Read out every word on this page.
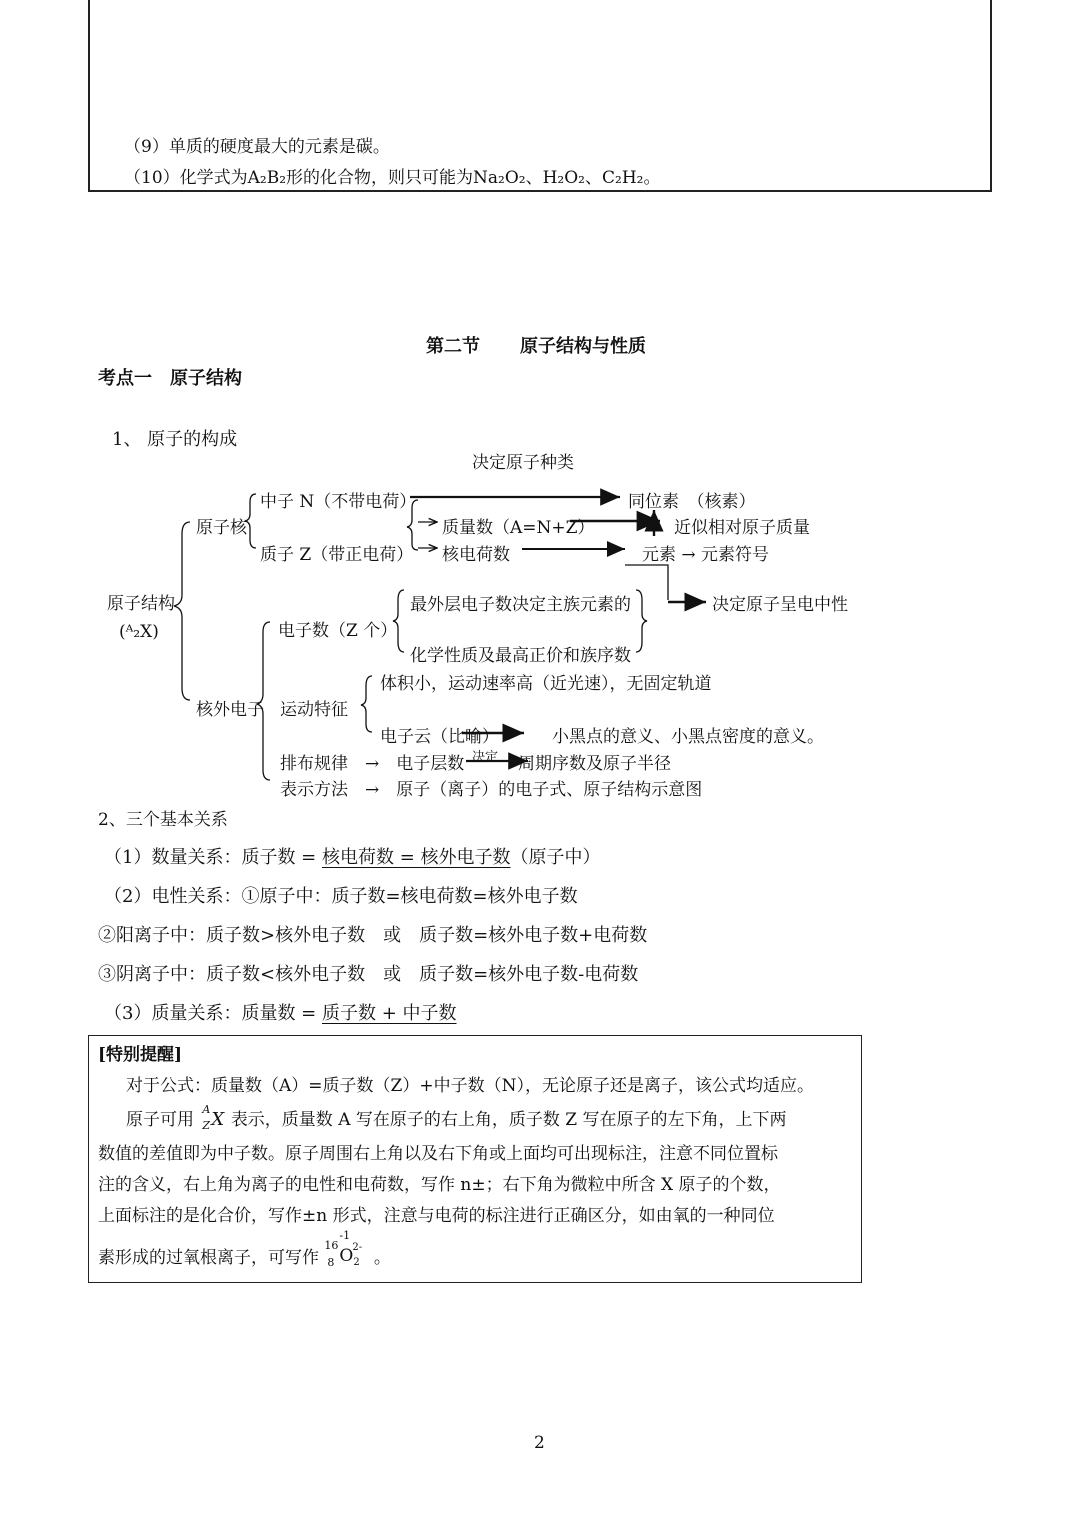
（9）单质的硬度最大的元素是碳。
（10）化学式为A₂B₂形的化合物，则只可能为Na₂O₂、H₂O₂、C₂H₂。
第二节 原子结构与性质
考点一　原子结构
1、 原子的构成
决定原子种类
原子结构
(ᴬ₂X)
原子核
中子 N（不带电荷）
质子 Z（带正电荷）
同位素　（核素）
质量数（A=N+Z）	近似相对原子质量
核电荷数	元素 → 元素符号
电子数（Z 个）
最外层电子数决定主族元素的
化学性质及最高正价和族序数
决定原子呈电中性
核外电子 运动特征
体积小，运动速率高（近光速），无固定轨道
电子云（比喻）	小黑点的意义、小黑点密度的意义。
排布规律　→　电子层数 决定 周期序数及原子半径
表示方法　→　原子（离子）的电子式、原子结构示意图
2、三个基本关系
（1）数量关系：质子数 = 核电荷数 = 核外电子数（原子中）
（2）电性关系：①原子中：质子数=核电荷数=核外电子数
②阳离子中：质子数>核外电子数　或　质子数=核外电子数+电荷数
③阴离子中：质子数<核外电子数　或　质子数=核外电子数-电荷数
（3）质量关系：质量数 = 质子数 + 中子数
[特别提醒]
对于公式：质量数（A）=质子数（Z）+中子数（N），无论原子还是离子，该公式均适应。
原子可用
A
Z X 表示，质量数 A 写在原子的右上角，质子数 Z 写在原子的左下角，上下两
数值的差值即为中子数。原子周围右上角以及右下角或上面均可出现标注，注意不同位置标
注的含义，右上角为离子的电性和电荷数，写作 n±；右下角为微粒中所含 X 原子的个数，
上面标注的是化合价，写作±n 形式，注意与电荷的标注进行正确区分，如由氧的一种同位
素形成的过氧根离子，可写作
16
8
-1
O 2-
2 。
2
